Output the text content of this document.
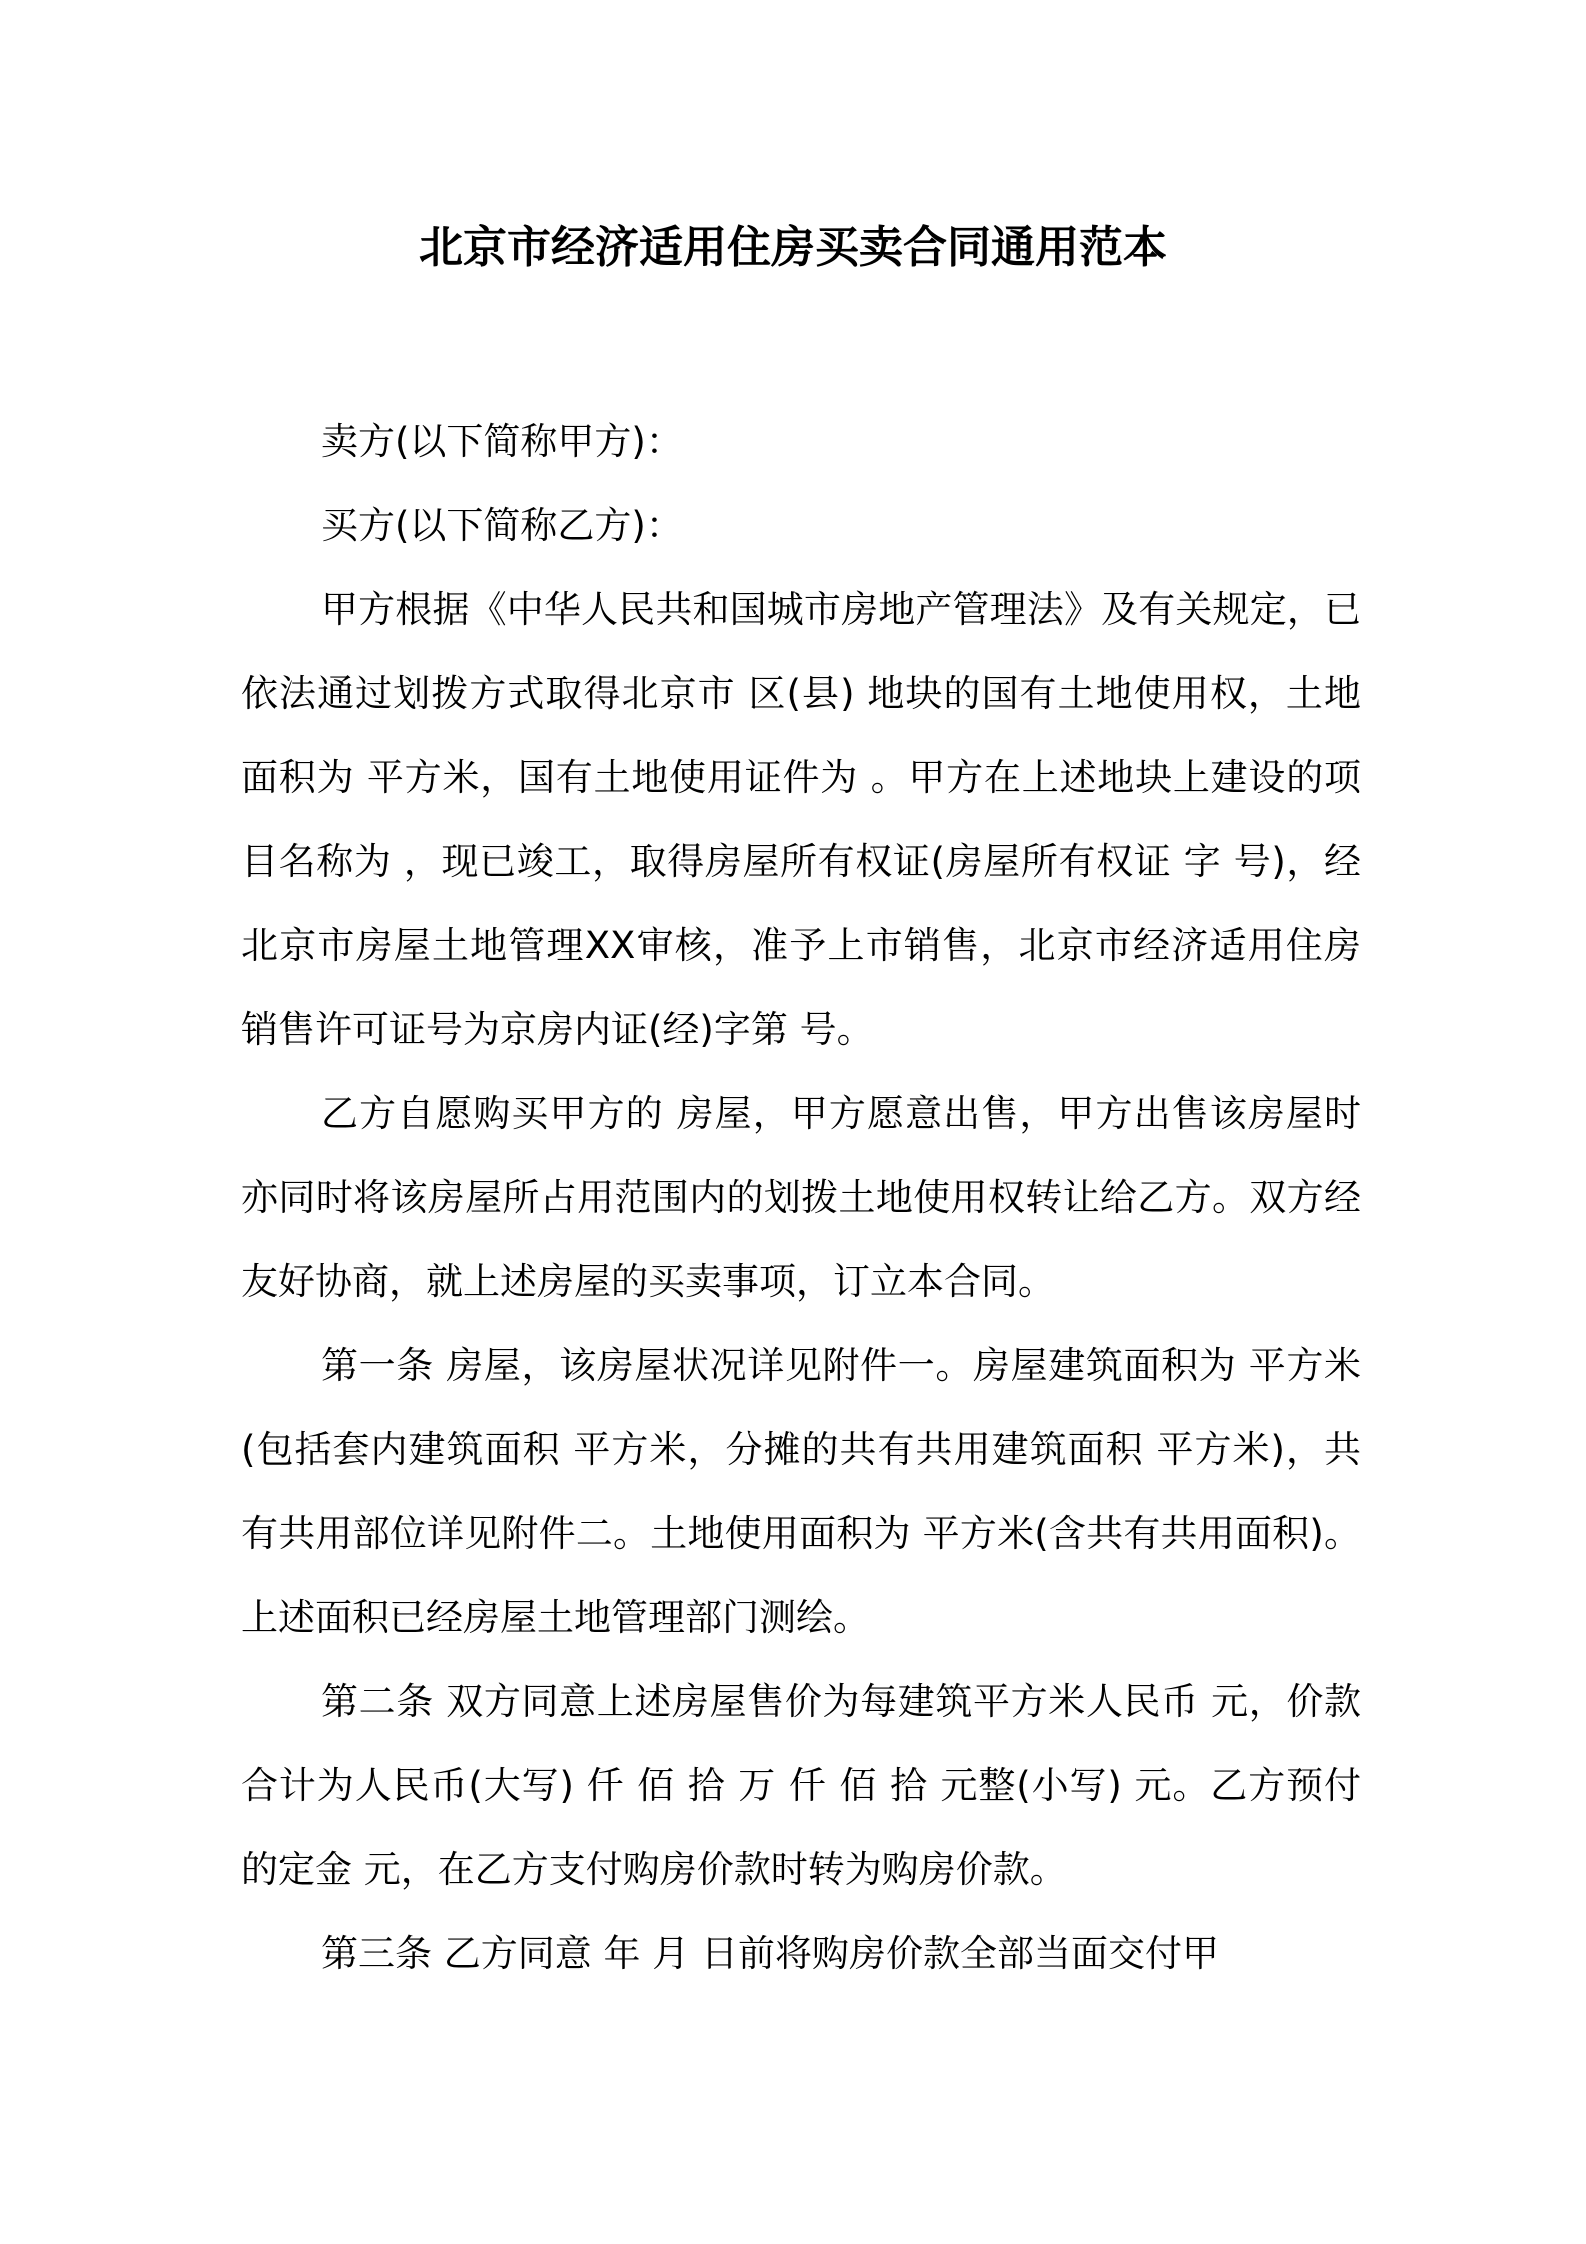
北京市经济适用住房买卖合同通用范本

卖方(以下简称甲方)：

买方(以下简称乙方)：

甲方根据《中华人民共和国城市房地产管理法》及有关规定，已依法通过划拨方式取得北京市 区(县) 地块的国有土地使用权，土地面积为 平方米，国有土地使用证件为 。甲方在上述地块上建设的项目名称为 ，现已竣工，取得房屋所有权证(房屋所有权证 字 号)，经北京市房屋土地管理XX审核，准予上市销售，北京市经济适用住房销售许可证号为京房内证(经)字第 号。

乙方自愿购买甲方的 房屋，甲方愿意出售，甲方出售该房屋时亦同时将该房屋所占用范围内的划拨土地使用权转让给乙方。双方经友好协商，就上述房屋的买卖事项，订立本合同。

第一条 房屋，该房屋状况详见附件一。房屋建筑面积为 平方米(包括套内建筑面积 平方米，分摊的共有共用建筑面积 平方米)，共有共用部位详见附件二。土地使用面积为 平方米(含共有共用面积)。上述面积已经房屋土地管理部门测绘。

第二条 双方同意上述房屋售价为每建筑平方米人民币 元，价款合计为人民币(大写) 仟 佰 拾 万 仟 佰 拾 元整(小写) 元。乙方预付的定金 元，在乙方支付购房价款时转为购房价款。

第三条 乙方同意 年 月 日前将购房价款全部当面交付甲
